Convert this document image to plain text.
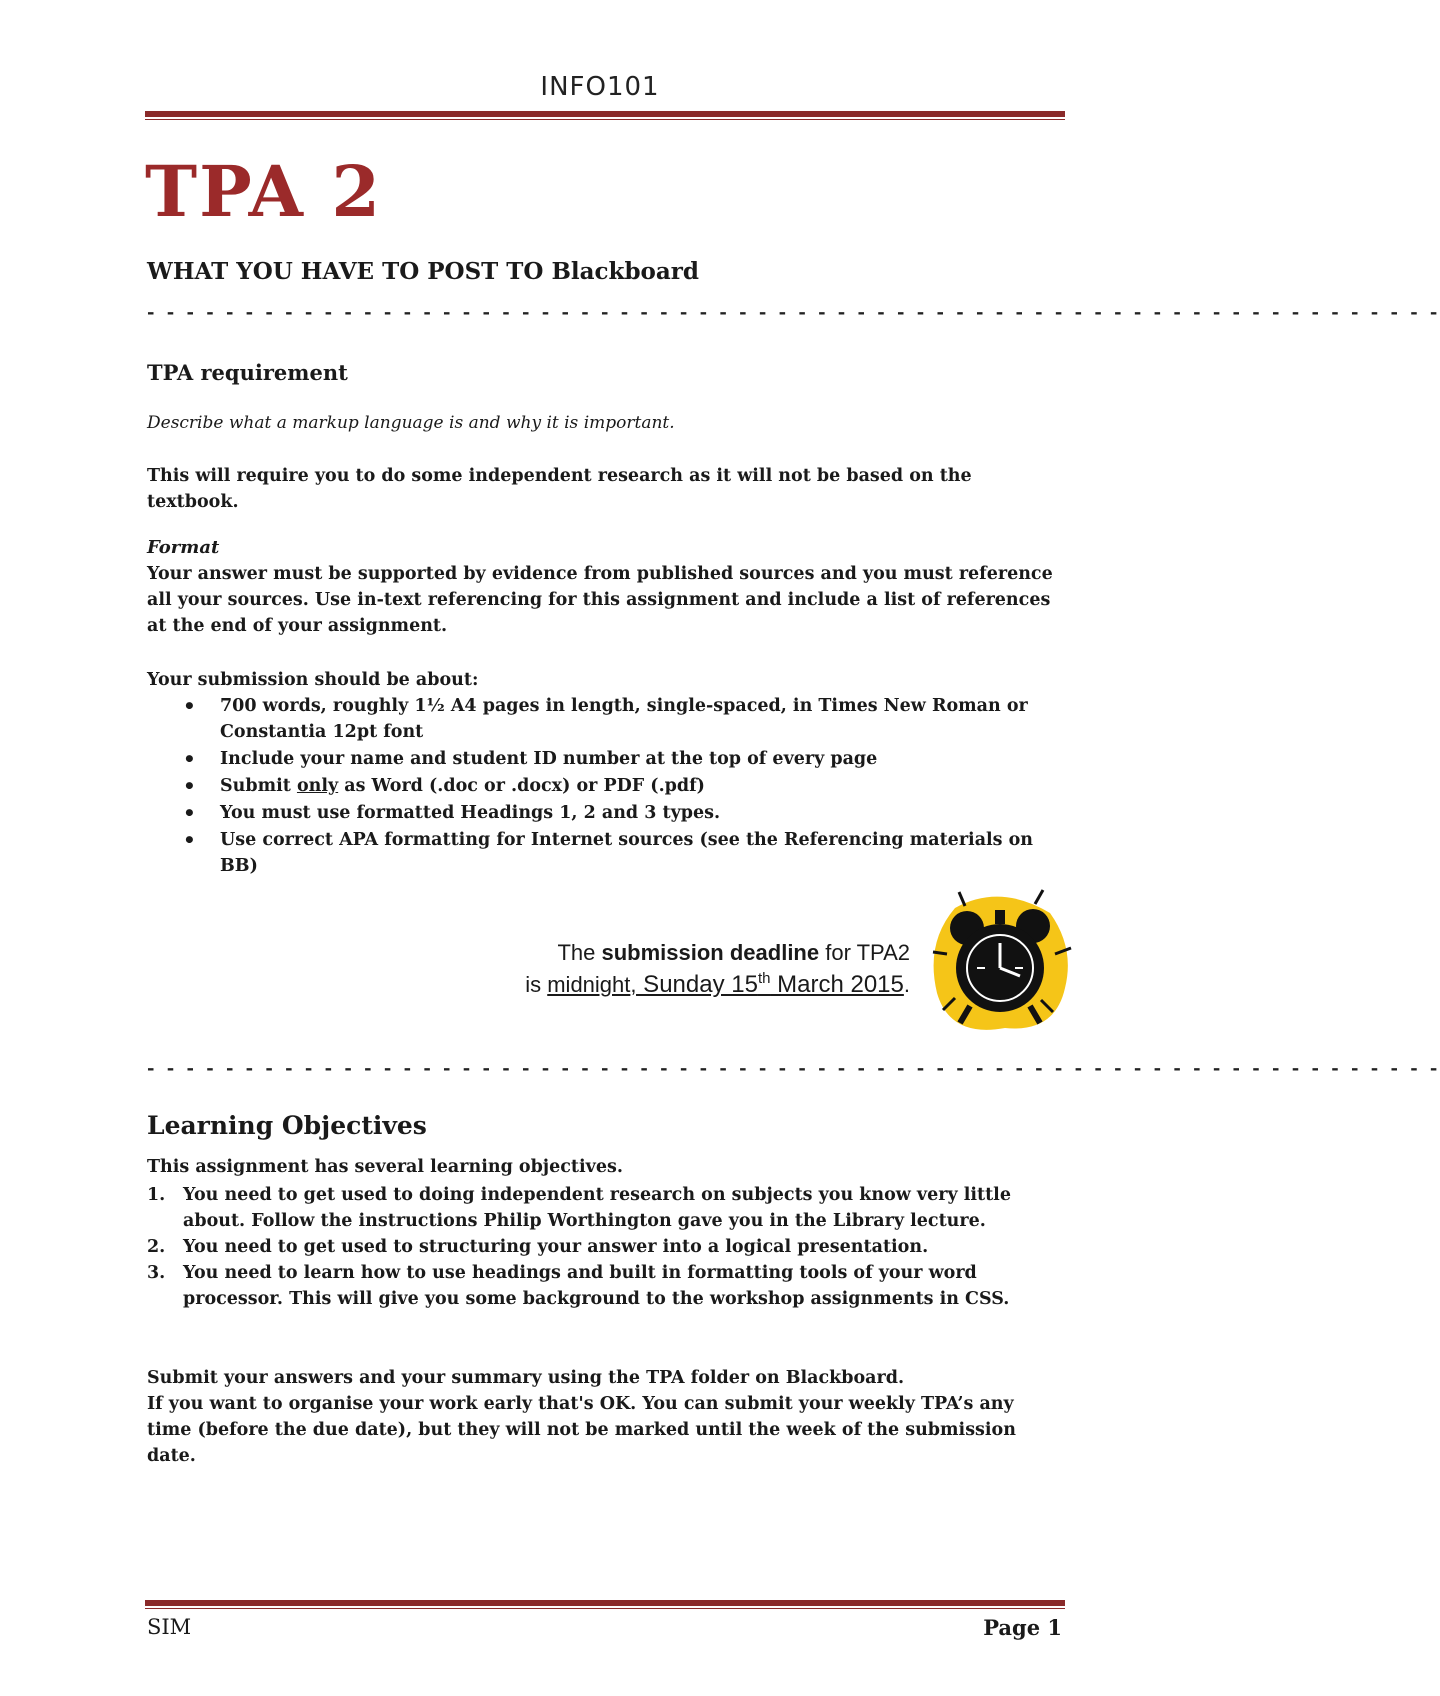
INFO101
TPA 2
WHAT YOU HAVE TO POST TO Blackboard
- - - - - - - - - - - - - - - - - - - - - - - - - - - - - - - - - - - - - - - - - - - - - - - - - - - - - - - - - - - - - - - - - -
TPA requirement
Describe what a markup language is and why it is important.
This will require you to do some independent research as it will not be based on the textbook.
Format
Your answer must be supported by evidence from published sources and you must reference all your sources. Use in-text referencing for this assignment and include a list of references at the end of your assignment.
Your submission should be about:
• 700 words, roughly 1½ A4 pages in length, single-spaced, in Times New Roman or Constantia 12pt font
• Include your name and student ID number at the top of every page
• Submit only as Word (.doc or .docx) or PDF (.pdf)
• You must use formatted Headings 1, 2 and 3 types.
• Use correct APA formatting for Internet sources (see the Referencing materials on BB)
The submission deadline for TPA2
is midnight, Sunday 15th March 2015.
- - - - - - - - - - - - - - - - - - - - - - - - - - - - - - - - - - - - - - - - - - - - - - - - - - - - - - - - - - - - - - - - - -
Learning Objectives
This assignment has several learning objectives.
1. You need to get used to doing independent research on subjects you know very little about. Follow the instructions Philip Worthington gave you in the Library lecture.
2. You need to get used to structuring your answer into a logical presentation.
3. You need to learn how to use headings and built in formatting tools of your word processor. This will give you some background to the workshop assignments in CSS.
Submit your answers and your summary using the TPA folder on Blackboard.
If you want to organise your work early that's OK. You can submit your weekly TPA’s any time (before the due date), but they will not be marked until the week of the submission date.
SIM	Page 1
